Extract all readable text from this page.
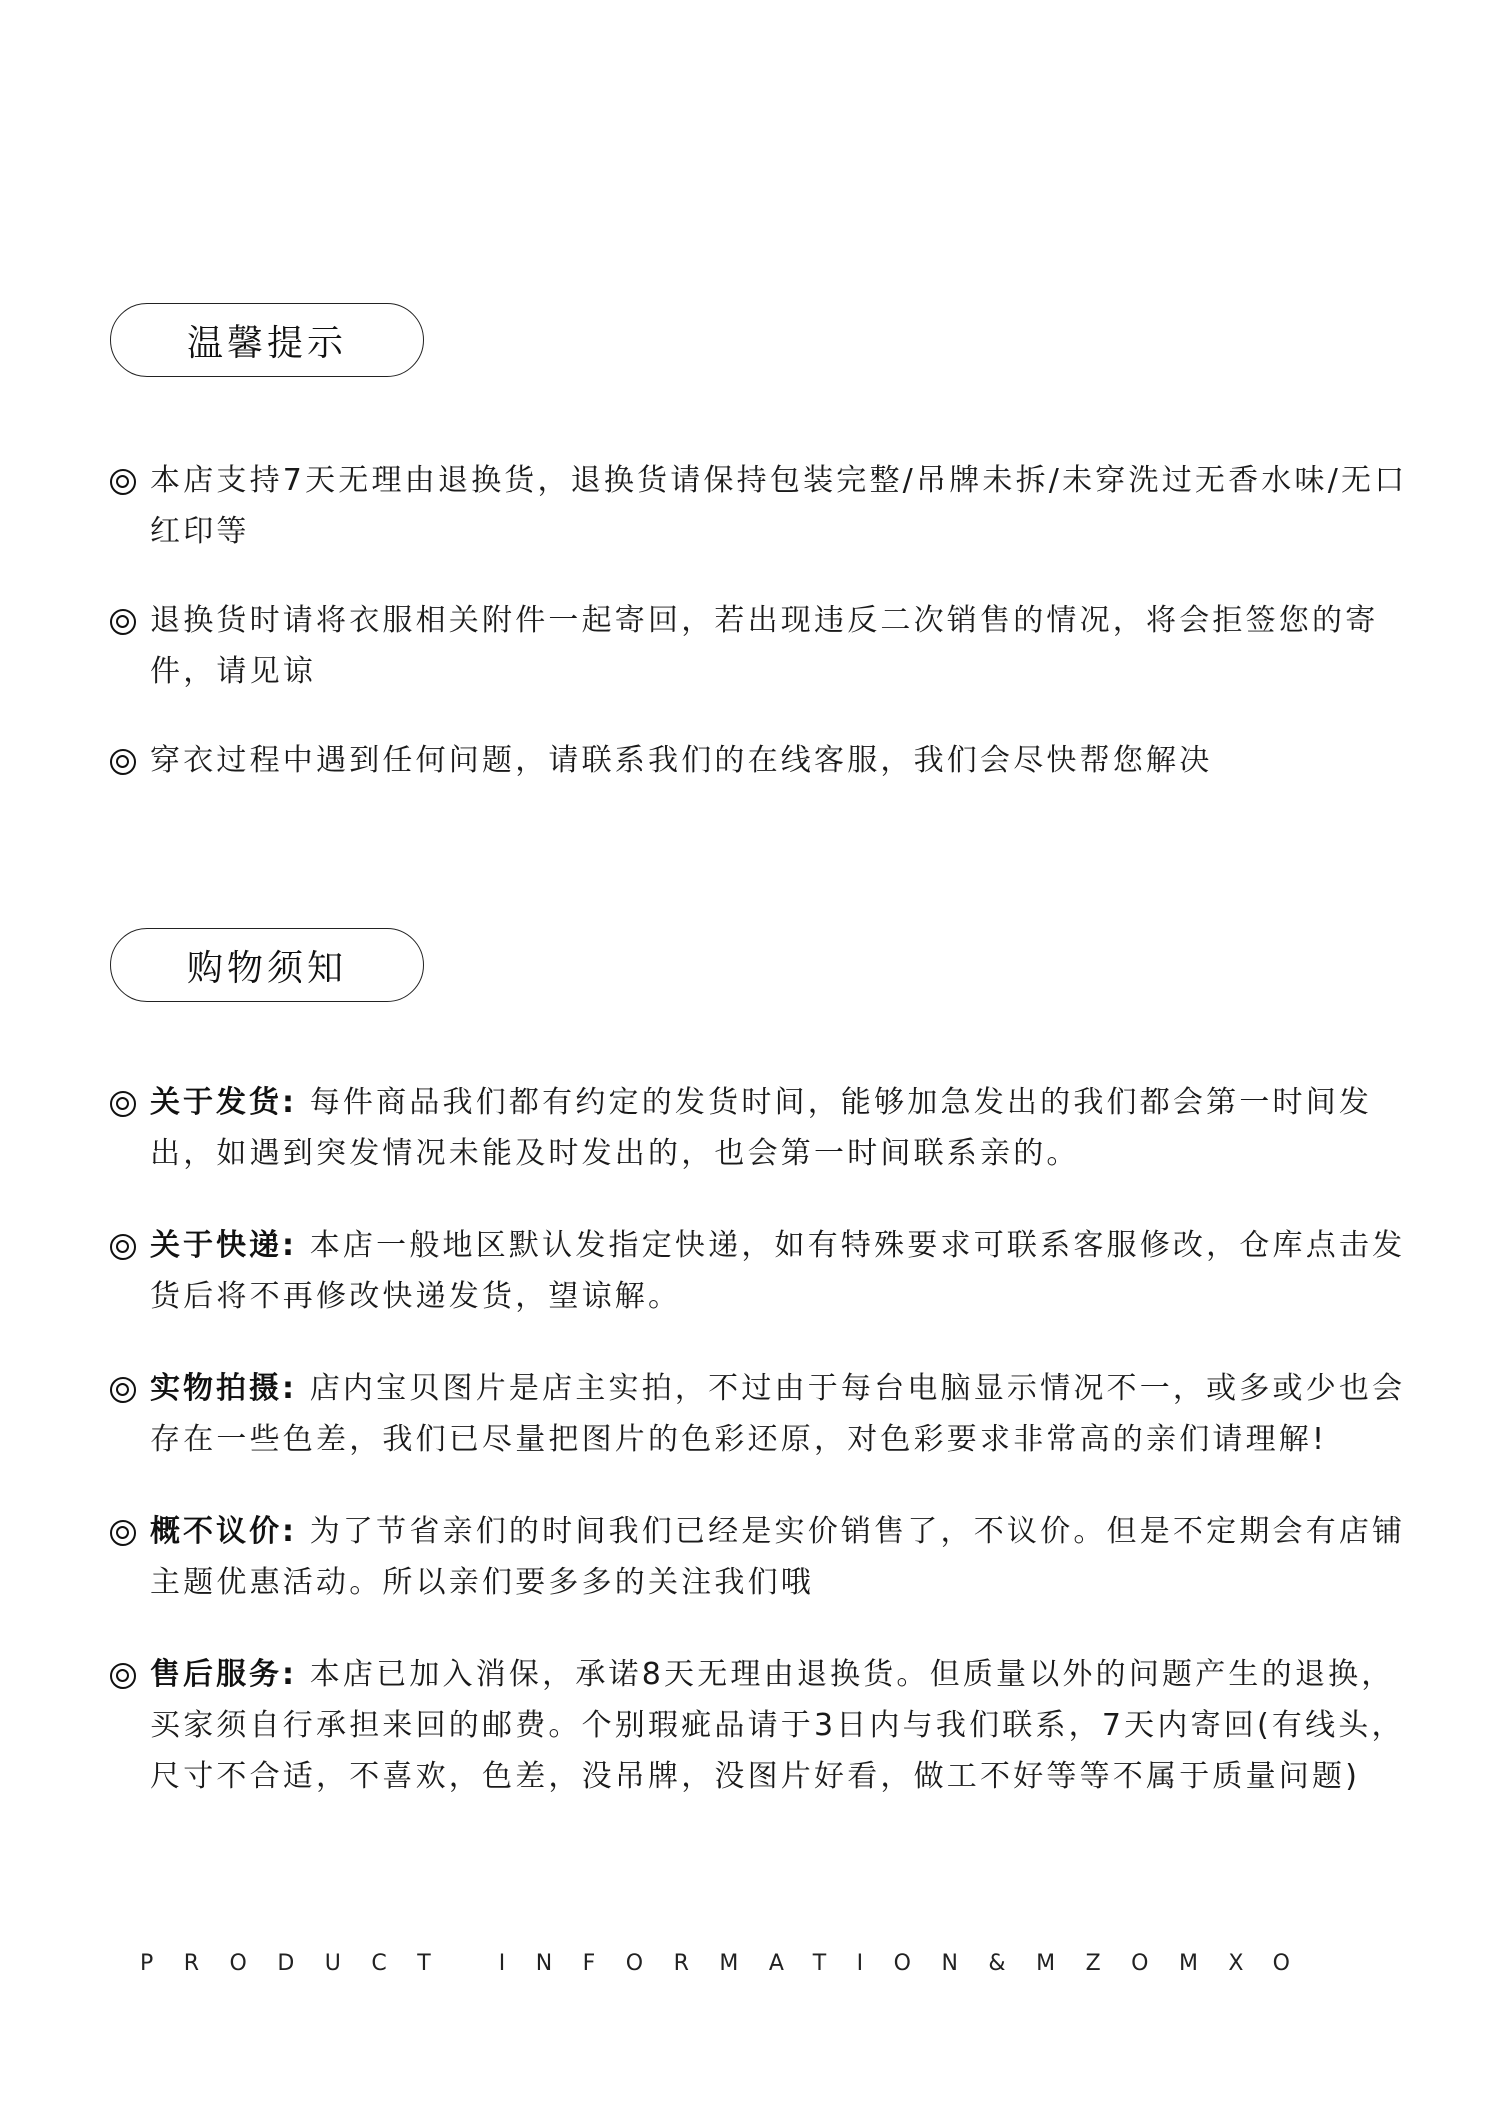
温馨提示
本店支持7天无理由退换货，退换货请保持包装完整/吊牌未拆/未穿洗过无香水味/无口红印等
退换货时请将衣服相关附件一起寄回，若出现违反二次销售的情况，将会拒签您的寄件，请见谅
穿衣过程中遇到任何问题，请联系我们的在线客服，我们会尽快帮您解决
购物须知
关于发货: 每件商品我们都有约定的发货时间，能够加急发出的我们都会第一时间发出，如遇到突发情况未能及时发出的，也会第一时间联系亲的。
关于快递: 本店一般地区默认发指定快递，如有特殊要求可联系客服修改，仓库点击发货后将不再修改快递发货，望谅解。
实物拍摄: 店内宝贝图片是店主实拍，不过由于每台电脑显示情况不一，或多或少也会存在一些色差，我们已尽量把图片的色彩还原，对色彩要求非常高的亲们请理解!
概不议价: 为了节省亲们的时间我们已经是实价销售了，不议价。但是不定期会有店铺主题优惠活动。所以亲们要多多的关注我们哦
售后服务: 本店已加入消保，承诺8天无理由退换货。但质量以外的问题产生的退换，买家须自行承担来回的邮费。个别瑕疵品请于3日内与我们联系，7天内寄回(有线头，尺寸不合适，不喜欢，色差，没吊牌，没图片好看，做工不好等等不属于质量问题)
PRODUCT INFORMATION&MZOMXO
